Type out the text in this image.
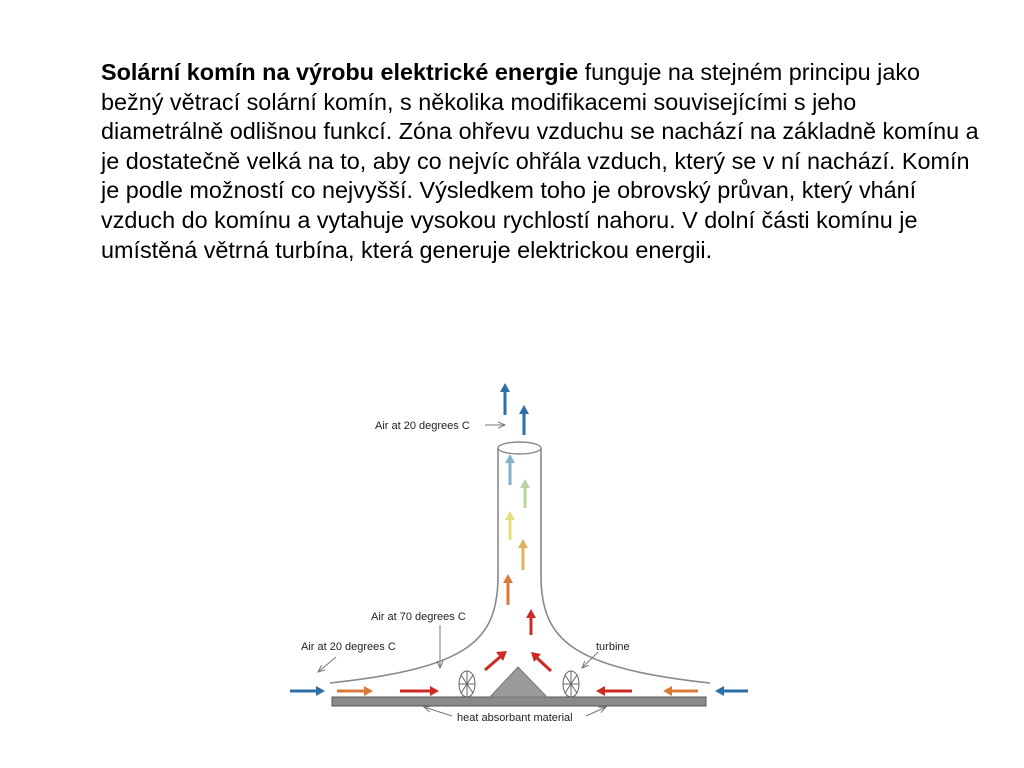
Solární komín na výrobu elektrické energie funguje na stejném principu jako bežný větrací solární komín, s několika modifikacemi souvisejícími s jeho diametrálně odlišnou funkcí. Zóna ohřevu vzduchu se nachází na základně komínu a je dostatečně velká na to, aby co nejvíc ohřála vzduch, který se v ní nachází. Komín je podle možností co nejvyšší. Výsledkem toho je obrovský průvan, který vhání vzduch do komínu a vytahuje vysokou rychlostí nahoru. V dolní části komínu je umístěná větrná turbína, která generuje elektrickou energii.
Air at 20 degrees C
Air at 70 degrees C
Air at 20 degrees C	turbine
heat absorbant material
